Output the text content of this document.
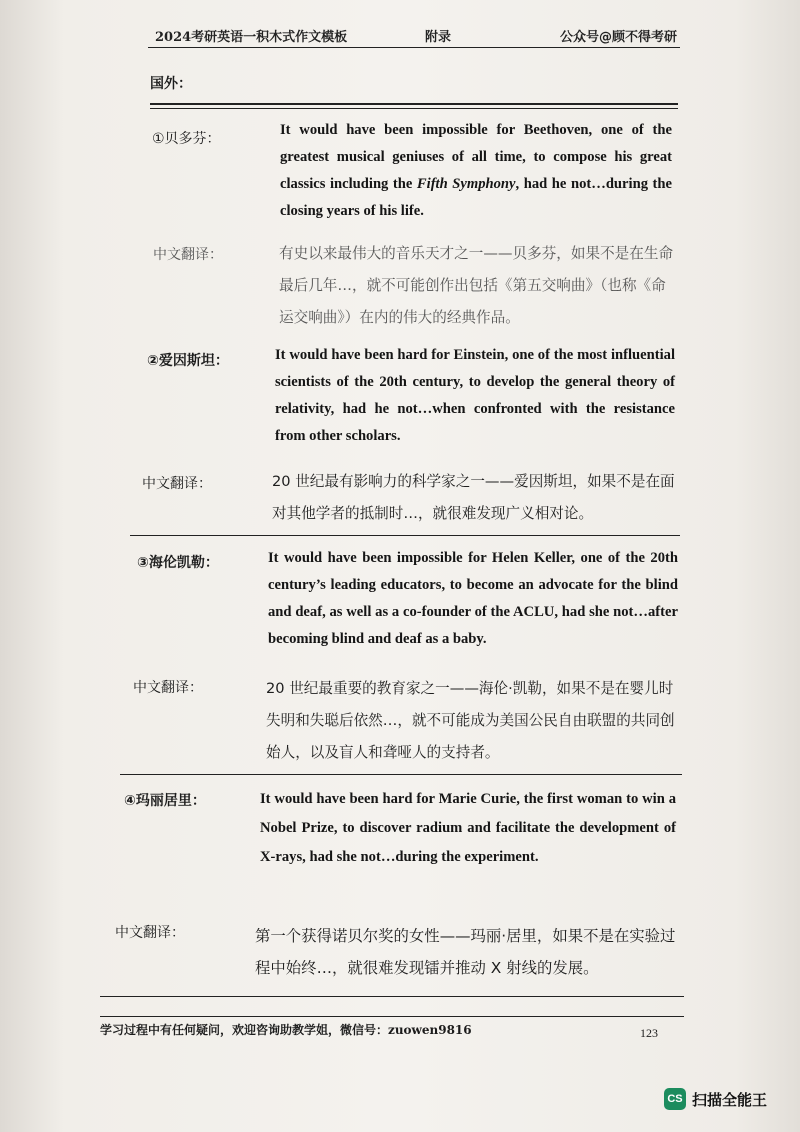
2024考研英语一积木式作文模板	附录	公众号@顾不得考研
国外：
①贝多芬：
It would have been impossible for Beethoven, one of the greatest musical geniuses of all time, to compose his great classics including the Fifth Symphony, had he not…during the closing years of his life.
中文翻译：	有史以来最伟大的音乐天才之一——贝多芬，如果不是在生命最后几年…，就不可能创作出包括《第五交响曲》（也称《命运交响曲》）在内的伟大的经典作品。
②爱因斯坦：	It would have been hard for Einstein, one of the most influential scientists of the 20th century, to develop the general theory of relativity, had he not…when confronted with the resistance from other scholars.
中文翻译：	20 世纪最有影响力的科学家之一——爱因斯坦，如果不是在面对其他学者的抵制时…，就很难发现广义相对论。
③海伦凯勒：	It would have been impossible for Helen Keller, one of the 20th century’s leading educators, to become an advocate for the blind and deaf, as well as a co-founder of the ACLU, had she not…after becoming blind and deaf as a baby.
中文翻译：	20 世纪最重要的教育家之一——海伦·凯勒，如果不是在婴儿时失明和失聪后依然…，就不可能成为美国公民自由联盟的共同创始人，以及盲人和聋哑人的支持者。
④玛丽居里：	It would have been hard for Marie Curie, the first woman to win a Nobel Prize, to discover radium and facilitate the development of X-rays, had she not…during the experiment.
中文翻译：	第一个获得诺贝尔奖的女性——玛丽·居里，如果不是在实验过程中始终…，就很难发现镭并推动 X 射线的发展。
学习过程中有任何疑问，欢迎咨询助教学姐，微信号：zuowen9816	123
CS 扫描全能王
